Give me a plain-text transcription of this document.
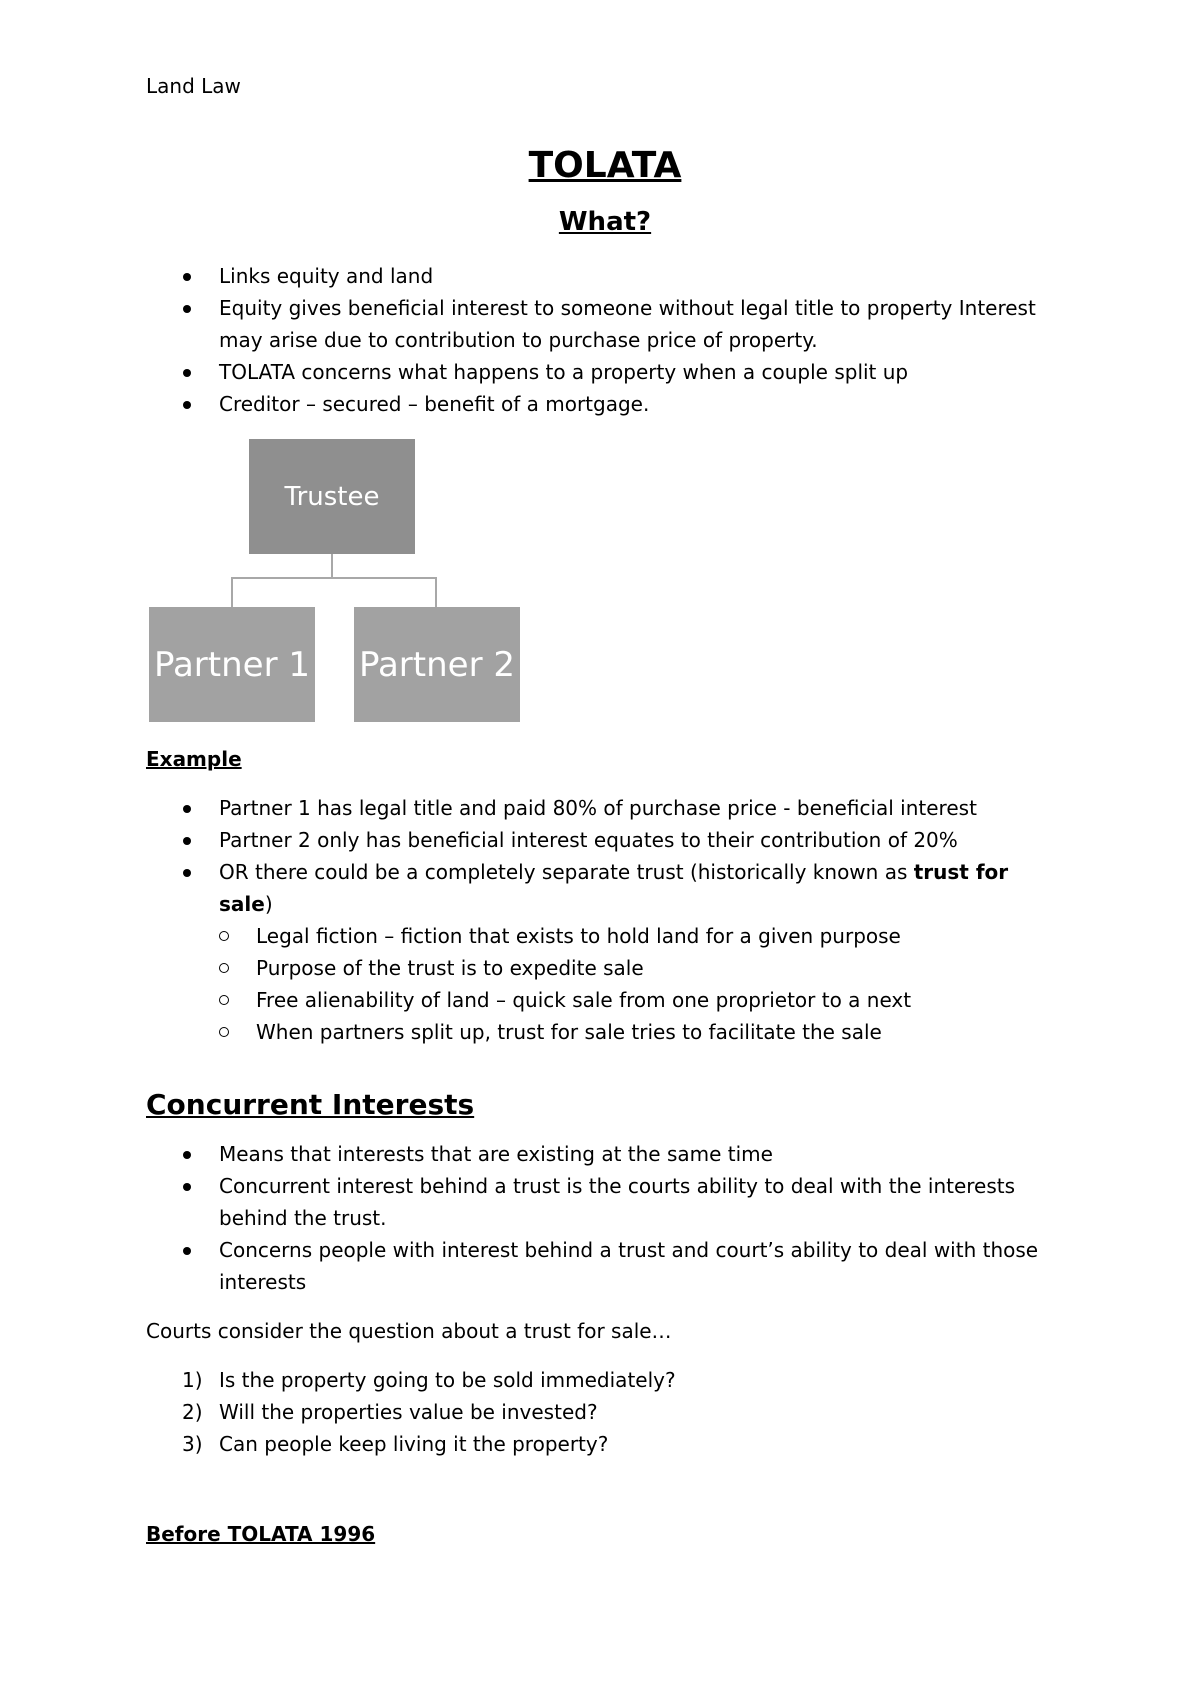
Land Law
TOLATA
What?
Links equity and land
Equity gives beneficial interest to someone without legal title to property Interest may arise due to contribution to purchase price of property.
TOLATA concerns what happens to a property when a couple split up
Creditor – secured – benefit of a mortgage.
Trustee
Partner 1 Partner 2
Example
Partner 1 has legal title and paid 80% of purchase price - beneficial interest
Partner 2 only has beneficial interest equates to their contribution of 20%
OR there could be a completely separate trust (historically known as trust for sale)
Legal fiction – fiction that exists to hold land for a given purpose
Purpose of the trust is to expedite sale
Free alienability of land – quick sale from one proprietor to a next
When partners split up, trust for sale tries to facilitate the sale
Concurrent Interests
Means that interests that are existing at the same time
Concurrent interest behind a trust is the courts ability to deal with the interests behind the trust.
Concerns people with interest behind a trust and court’s ability to deal with those interests
Courts consider the question about a trust for sale…
1) Is the property going to be sold immediately?
2) Will the properties value be invested?
3) Can people keep living it the property?
Before TOLATA 1996
